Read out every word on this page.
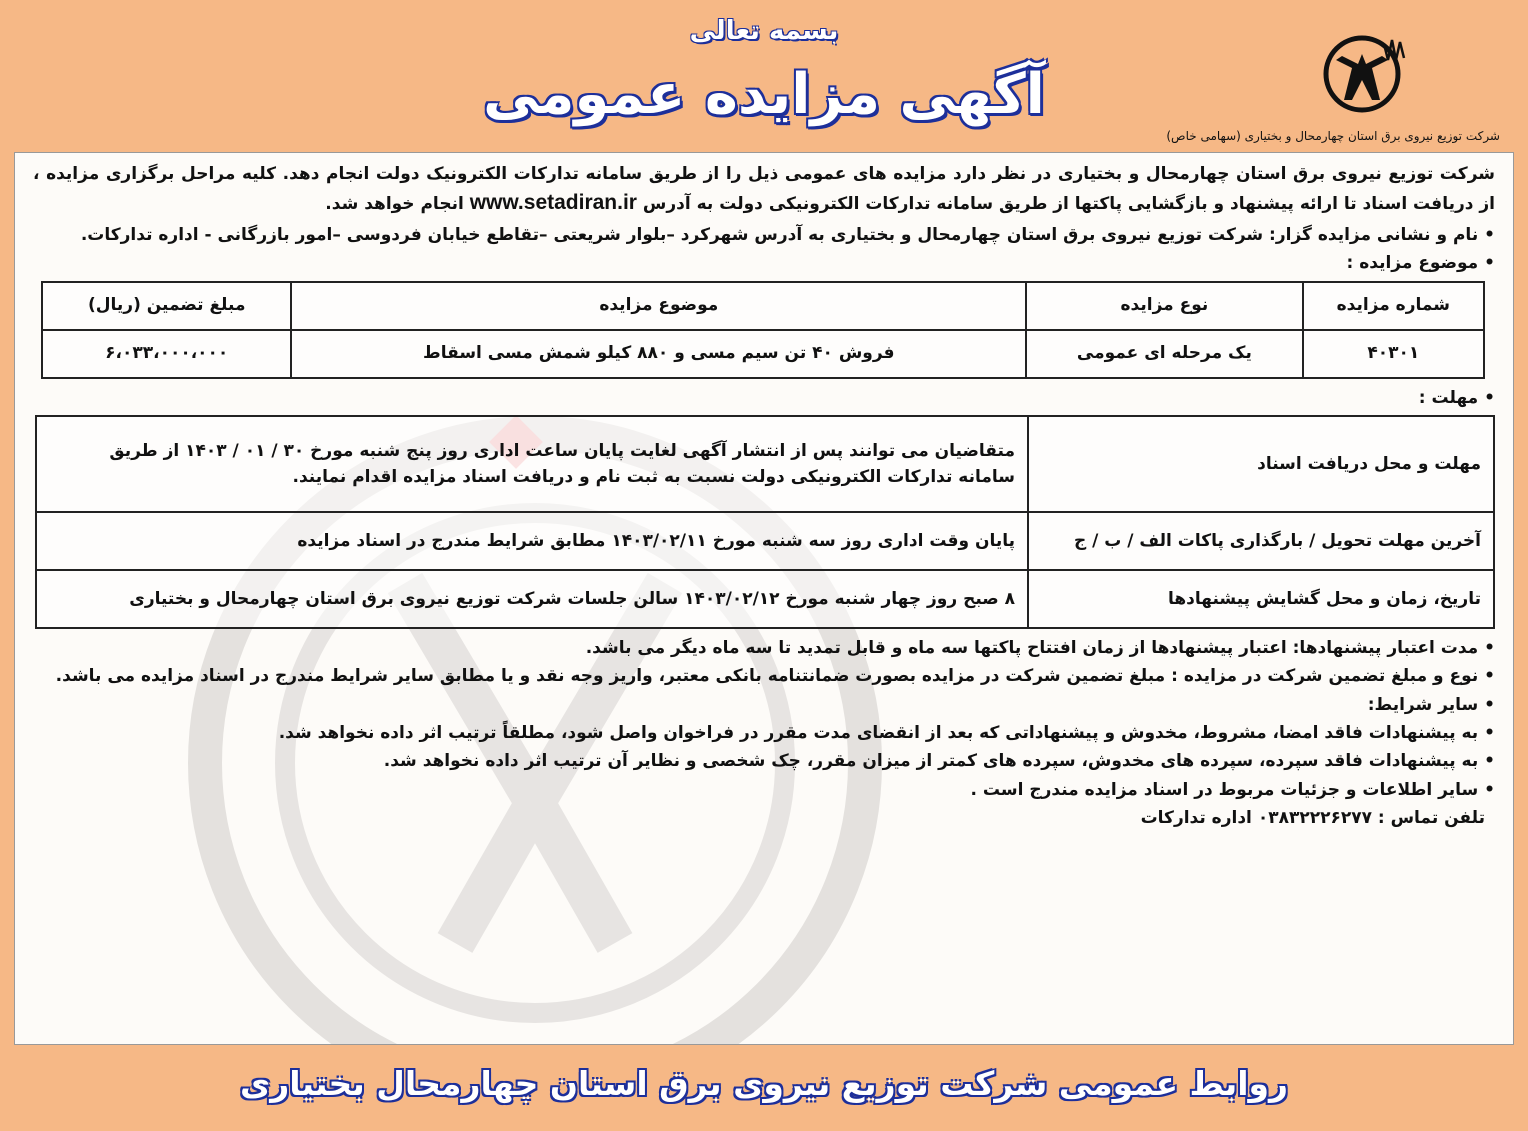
شرکت توزیع نیروی برق استان چهارمحال و بختیاری (سهامی خاص)
بسمه تعالی
آگهی مزایده عمومی

شرکت توزیع نیروی برق استان چهارمحال و بختیاری در نظر دارد مزایده های عمومی ذیل را از طریق سامانه تدارکات الکترونیک دولت انجام دهد. کلیه مراحل برگزاری مزایده ، از دریافت اسناد تا ارائه پیشنهاد و بازگشایی پاکتها از طریق سامانه تدارکات الکترونیکی دولت به آدرس www.setadiran.ir انجام خواهد شد.

• نام و نشانی مزایده گزار: شرکت توزیع نیروی برق استان چهارمحال و بختیاری به آدرس شهرکرد –بلوار شریعتی –تقاطع خیابان فردوسی –امور بازرگانی - اداره تدارکات.
• موضوع مزایده :
شماره مزایده	نوع مزایده	موضوع مزایده	مبلغ تضمین (ریال)
۴۰۳۰۱	یک مرحله ای عمومی	فروش ۴۰ تن سیم مسی و ۸۸۰ کیلو شمش مسی اسقاط	۶،۰۳۳،۰۰۰،۰۰۰
• مهلت :
مهلت و محل دریافت اسناد	متقاضیان می توانند پس از انتشار آگهی لغایت پایان ساعت اداری روز پنج شنبه مورخ ۳۰ / ۰۱ / ۱۴۰۳ از طریق سامانه تدارکات الکترونیکی دولت نسبت به ثبت نام و دریافت اسناد مزایده اقدام نمایند.
آخرین مهلت تحویل / بارگذاری پاکات الف / ب / ج	پایان وقت اداری روز سه شنبه مورخ ۱۴۰۳/۰۲/۱۱ مطابق شرایط مندرج در اسناد مزایده
تاریخ، زمان و محل گشایش پیشنهادها	۸ صبح روز چهار شنبه مورخ ۱۴۰۳/۰۲/۱۲ سالن جلسات شرکت توزیع نیروی برق استان چهارمحال و بختیاری
• مدت اعتبار پیشنهادها: اعتبار پیشنهادها از زمان افتتاح پاکتها سه ماه و قابل تمدید تا سه ماه دیگر می باشد.
• نوع و مبلغ تضمین شرکت در مزایده : مبلغ تضمین شرکت در مزایده بصورت ضمانتنامه بانکی معتبر، واریز وجه نقد و یا مطابق سایر شرایط مندرج در اسناد مزایده می باشد.
• سایر شرایط:
• به پیشنهادات فاقد امضا، مشروط، مخدوش و پیشنهاداتی که بعد از انقضای مدت مقرر در فراخوان واصل شود، مطلقاً ترتیب اثر داده نخواهد شد.
• به پیشنهادات فاقد سپرده، سپرده های مخدوش، سپرده های کمتر از میزان مقرر، چک شخصی و نظایر آن ترتیب اثر داده نخواهد شد.
• سایر اطلاعات و جزئیات مربوط در اسناد مزایده مندرج است .
تلفن تماس : ۰۳۸۳۲۲۲۶۲۷۷ اداره تدارکات
روابط عمومی شرکت توزیع نیروی برق استان چهارمحال بختیاری
